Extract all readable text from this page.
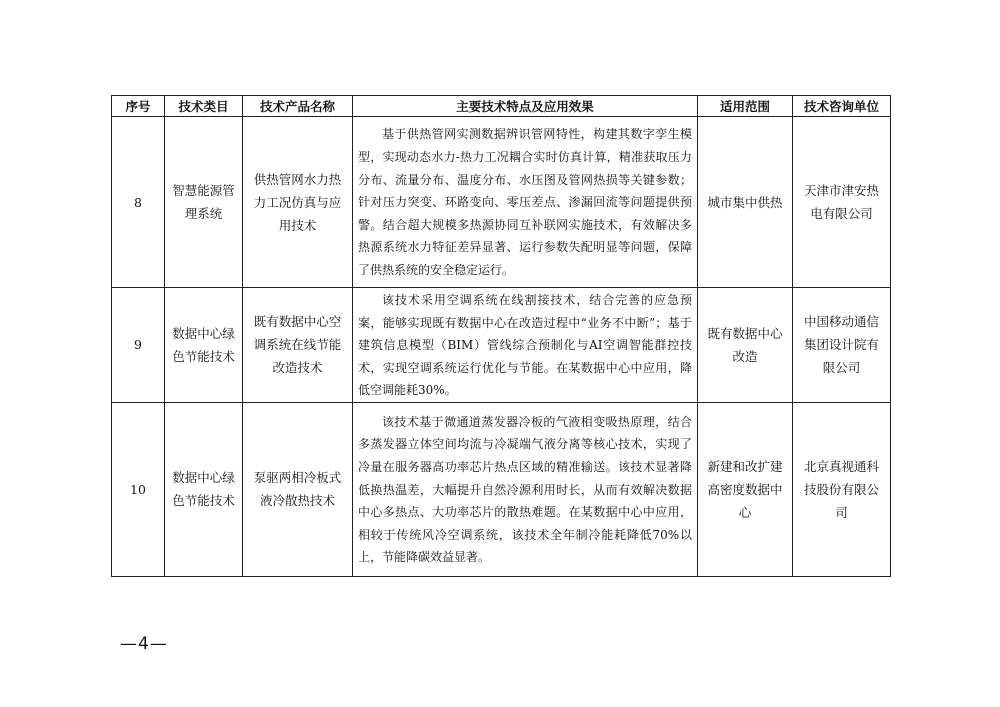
序号	技术类目	技术产品名称	主要技术特点及应用效果	适用范围	技术咨询单位
8	智慧能源管理系统	供热管网水力热力工况仿真与应用技术	基于供热管网实测数据辨识管网特性，构建其数字孪生模型，实现动态水力-热力工况耦合实时仿真计算，精准获取压力分布、流量分布、温度分布、水压图及管网热损等关键参数；针对压力突变、环路变向、零压差点、渗漏回流等问题提供预警。结合超大规模多热源协同互补联网实施技术，有效解决多热源系统水力特征差异显著、运行参数失配明显等问题，保障了供热系统的安全稳定运行。	城市集中供热	天津市津安热电有限公司
9	数据中心绿色节能技术	既有数据中心空调系统在线节能改造技术	该技术采用空调系统在线割接技术，结合完善的应急预案，能够实现既有数据中心在改造过程中“业务不中断”；基于建筑信息模型（BIM）管线综合预制化与AI空调智能群控技术，实现空调系统运行优化与节能。在某数据中心中应用，降低空调能耗30%。	既有数据中心改造	中国移动通信集团设计院有限公司
10	数据中心绿色节能技术	泵驱两相冷板式液冷散热技术	该技术基于微通道蒸发器冷板的气液相变吸热原理，结合多蒸发器立体空间均流与冷凝端气液分离等核心技术，实现了冷量在服务器高功率芯片热点区域的精准输送。该技术显著降低换热温差，大幅提升自然冷源利用时长，从而有效解决数据中心多热点、大功率芯片的散热难题。在某数据中心中应用，相较于传统风冷空调系统，该技术全年制冷能耗降低70%以上，节能降碳效益显著。	新建和改扩建高密度数据中心	北京真视通科技股份有限公司
—4—
